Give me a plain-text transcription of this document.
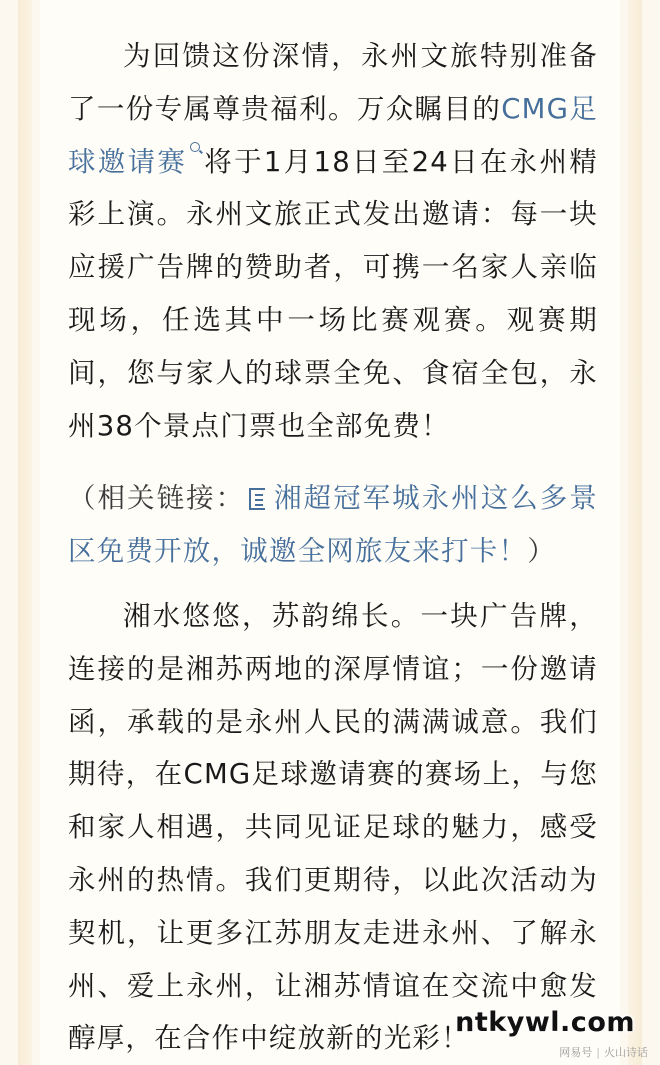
为回馈这份深情，永州文旅特别准备了一份专属尊贵福利。万众瞩目的CMG足球邀请赛 将于1月18日至24日在永州精彩上演。永州文旅正式发出邀请：每一块应援广告牌的赞助者，可携一名家人亲临现场，任选其中一场比赛观赛。观赛期间，您与家人的球票全免、食宿全包，永州38个景点门票也全部免费！

（相关链接： 湘超冠军城永州这么多景区免费开放，诚邀全网旅友来打卡！）

湘水悠悠，苏韵绵长。一块广告牌，连接的是湘苏两地的深厚情谊；一份邀请函，承载的是永州人民的满满诚意。我们期待，在CMG足球邀请赛的赛场上，与您和家人相遇，共同见证足球的魅力，感受永州的热情。我们更期待，以此次活动为契机，让更多江苏朋友走进永州、了解永州、爱上永州，让湘苏情谊在交流中愈发醇厚，在合作中绽放新的光彩！

ntkywl.com
网易号 | 火山诗话
